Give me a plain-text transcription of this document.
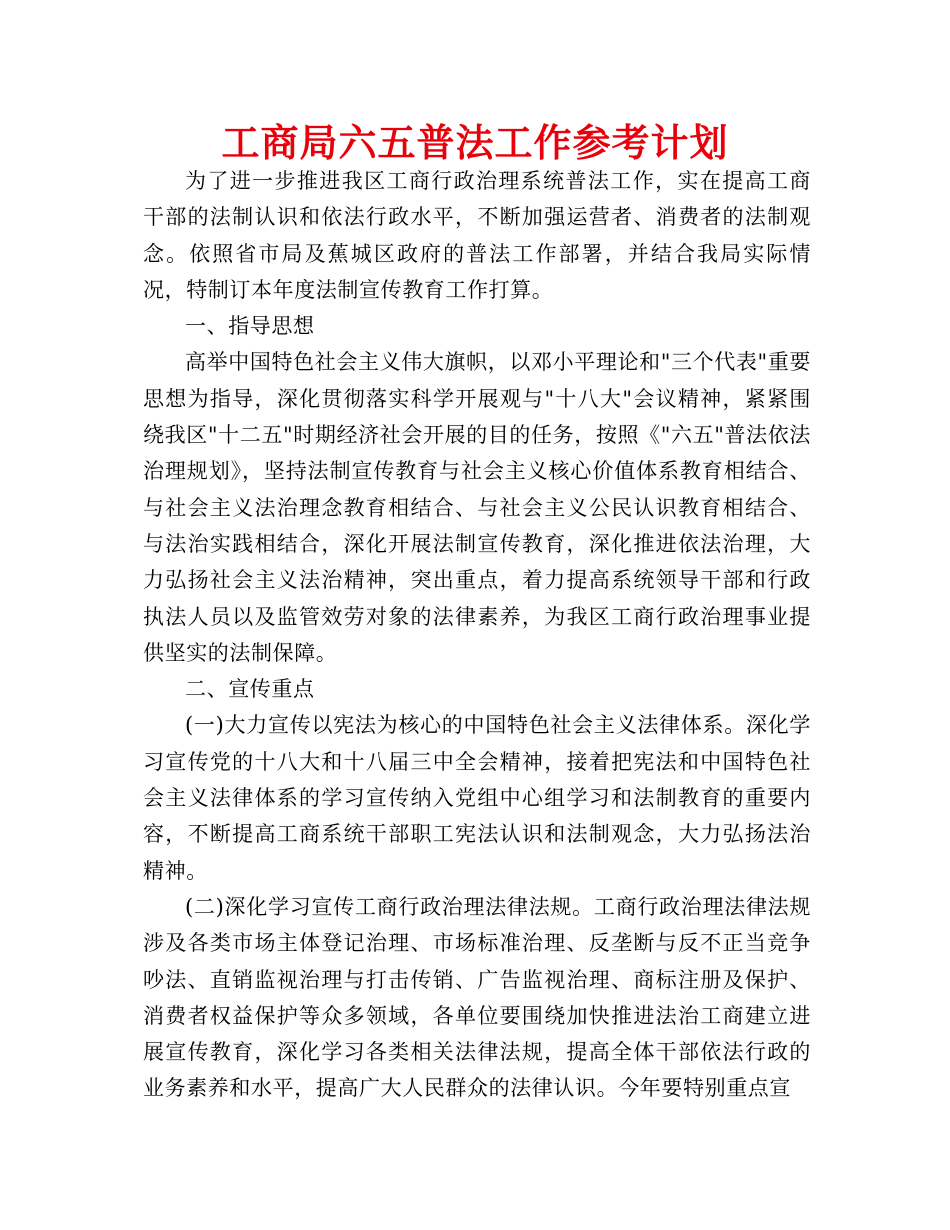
工商局六五普法工作参考计划

为了进一步推进我区工商行政治理系统普法工作，实在提高工商干部的法制认识和依法行政水平，不断加强运营者、消费者的法制观念。依照省市局及蕉城区政府的普法工作部署，并结合我局实际情况，特制订本年度法制宣传教育工作打算。

一、指导思想

高举中国特色社会主义伟大旗帜，以邓小平理论和"三个代表"重要思想为指导，深化贯彻落实科学开展观与"十八大"会议精神，紧紧围绕我区"十二五"时期经济社会开展的目的任务，按照《"六五"普法依法治理规划》，坚持法制宣传教育与社会主义核心价值体系教育相结合、与社会主义法治理念教育相结合、与社会主义公民认识教育相结合、与法治实践相结合，深化开展法制宣传教育，深化推进依法治理，大力弘扬社会主义法治精神，突出重点，着力提高系统领导干部和行政执法人员以及监管效劳对象的法律素养，为我区工商行政治理事业提供坚实的法制保障。

二、宣传重点

(一)大力宣传以宪法为核心的中国特色社会主义法律体系。深化学习宣传党的十八大和十八届三中全会精神，接着把宪法和中国特色社会主义法律体系的学习宣传纳入党组中心组学习和法制教育的重要内容，不断提高工商系统干部职工宪法认识和法制观念，大力弘扬法治精神。

(二)深化学习宣传工商行政治理法律法规。工商行政治理法律法规涉及各类市场主体登记治理、市场标准治理、反垄断与反不正当竞争吵法、直销监视治理与打击传销、广告监视治理、商标注册及保护、消费者权益保护等众多领域，各单位要围绕加快推进法治工商建立进展宣传教育，深化学习各类相关法律法规，提高全体干部依法行政的业务素养和水平，提高广大人民群众的法律认识。今年要特别重点宣
